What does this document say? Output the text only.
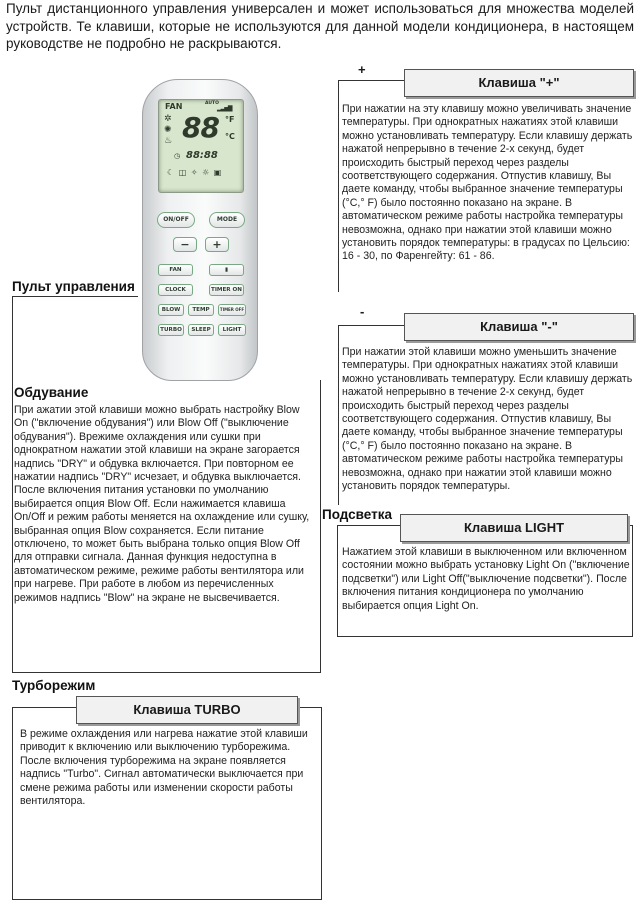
Пульт дистанционного управления универсален и может использоваться для множества моделей устройств. Те клавиши, которые не используются для данной модели кондиционера, в настоящем руководстве не подробно не раскрываются.
FAN	AUTO
▂▃▅▇
✲
✺
♨ 88 °F
°C
◷ 88:88
☾ ◫ ✧ ☼ ▣
ON/OFF	MODE
−	+
FAN	▮
CLOCK	TIMER ON
BLOW	TEMP	TIMER OFF
TURBO	SLEEP	LIGHT
Пульт управления
Обдувание
При ажатии этой клавиши можно выбрать настройку Blow On ("включение обдувания") или Blow Off ("выключение обдувания"). Врежиме охлаждения или сушки при однократном нажатии этой клавиши на экране загорается надпись "DRY" и обдувка включается. При повторном ее нажатии надпись "DRY" исчезает, и обдувка выключается. После включения питания установки по умолчанию выбирается опция Blow Off. Если нажимается клавиша On/Off и режим работы меняется на охлаждение или сушку, выбранная опция Blow сохраняется. Если питание отключено, то может быть выбрана только опция Blow Off для отправки сигнала. Данная функция недоступна в автоматическом режиме, режиме работы вентилятора или при нагреве. При работе в любом из перечисленных режимов надпись "Blow" на экране не высвечивается.
Турборежим
Клавиша TURBO
В режиме охлаждения или нагрева нажатие этой клавиши приводит к включению или выключению турборежима. После включения турборежима на экране появляется надпись "Turbo". Сигнал автоматически выключается при смене режима работы или изменении скорости работы вентилятора.
+
Клавиша "+"
При нажатии на эту клавишу можно увеличивать значение температуры. При однократных нажатиях этой клавиши можно установливать температуру. Если клавишу держать нажатой непрерывно в течение 2-х секунд, будет происходить быстрый переход через разделы соответствующего содержания. Отпустив клавишу, Вы даете команду, чтобы выбранное значение температуры (°C,° F) было постоянно показано на экране. В автоматическом режиме работы настройка температуры невозможна, однако при нажатии этой клавиши можно установить порядок температуры: в градусах по Цельсию: 16 - 30, по Фаренгейту: 61 - 86.
-
Клавиша "-"
При нажатии этой клавиши можно уменьшить значение температуры. При однократных нажатиях этой клавиши можно установливать температуру. Если клавишу держать нажатой непрерывно в течение 2-х секунд, будет происходить быстрый переход через разделы соответствующего содержания. Отпустив клавишу, Вы даете команду, чтобы выбранное значение температуры (°C,° F) было постоянно показано на экране. В автоматическом режиме работы настройка температуры невозможна, однако при нажатии этой клавиши можно установить порядок температуры.
Подсветка
Клавиша LIGHT
Нажатием этой клавиши в выключенном или включенном состоянии можно выбрать установку Light On ("включение подсветки") или Light Off("выключение подсветки"). После включения питания кондиционера по умолчанию выбирается опция Light On.
